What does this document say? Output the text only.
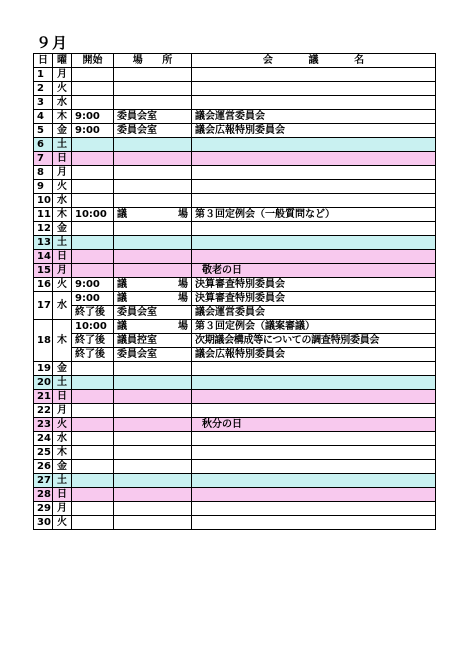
９月
日	曜	開始	場 所	会 議 名

1	月			
2	火			
3	水			
4	木	9:00	委員会室	議会運営委員会
5	金	9:00	委員会室	議会広報特別委員会
6	土			
7	日			
8	月			
9	火			
10	水			
11	木	10:00	議 場	第３回定例会（一般質問など）
12	金			
13	土			
14	日			
15	月			敬老の日
16	火	9:00	議 場	決算審査特別委員会
17	水	9:00	議 場	決算審査特別委員会
		終了後	委員会室	議会運営委員会
18	木	10:00	議 場	第３回定例会（議案審議）
		終了後	議員控室	次期議会構成等についての調査特別委員会
		終了後	委員会室	議会広報特別委員会
19	金			
20	土			
21	日			
22	月			
23	火			秋分の日
24	水			
25	木			
26	金			
27	土			
28	日			
29	月			
30	火			
